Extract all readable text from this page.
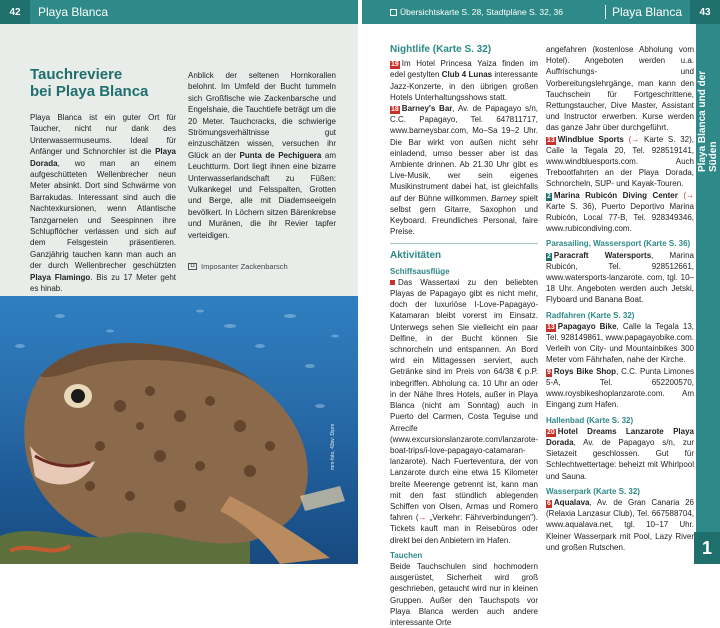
42	Playa Blanca
Tauchreviere
bei Playa Blanca

Playa Blanca ist ein guter Ort für Taucher, nicht nur dank des Unterwassermuseums. Ideal für Anfänger und Schnorchler ist die Playa Dorada, wo man an einem aufgeschütteten Wellenbrecher neun Meter absinkt. Dort sind Schwärme von Barrakudas. Interessant sind auch die Nachtexkursionen, wenn Atlantische Tanzgarnelen und Seespinnen ihre Schlupflöcher verlassen und sich auf dem Felsgestein präsentieren. Ganzjährig tauchen kann man auch an der durch Wellenbrecher geschützten Playa Flamingo. Bis zu 17 Meter geht es hinab.

Anblick der seltenen Hornkorallen belohnt. Im Umfeld der Bucht tummeln sich Großfische wie Zackenbarsche und Engelshaie, die Tauchtiefe beträgt um die 20 Meter. Tauchcracks, die schwierige Strömungsverhältnisse gut einzuschätzen wissen, versuchen ihr Glück an der Punta de Pechiguera am Leuchtturm. Dort liegt ihnen eine bizarre Unterwasserlandschaft zu Füßen: Vulkankegel und Felsspalten, Grotten und Berge, alle mit Diademseeigeln bevölkert. In Löchern sitzen Bärenkrebse und Muränen, die ihr Revier tapfer verteidigen.

◘ Imposanter Zackenbarsch
mm-foto, 43sv: Diprs
Übersichtskarte S. 28, Stadtpläne S. 32, 36	Playa Blanca	43
Nightlife (Karte S. 32)

19 Im Hotel Princesa Yaiza finden im edel gestylten Club 4 Lunas interessante Jazz-Konzerte, in den übrigen großen Hotels Unterhaltungsshows statt.

18 Barney's Bar, Av. de Papagayo s/n, C.C. Papagayo, Tel. 647811717, www.barneysbar.com, Mo–Sa 19–2 Uhr. Die Bar wirkt von außen nicht sehr einladend, umso besser aber ist das Ambiente drinnen. Ab 21.30 Uhr gibt es Live-Musik, wer sein eigenes Musikinstrument dabei hat, ist gleichfalls auf der Bühne willkommen. Barney spielt selbst gern Gitarre, Saxophon und Keyboard. Freundliches Personal, faire Preise.

Aktivitäten
Schiffsausflüge

Das Wassertaxi zu den beliebten Playas de Papagayo gibt es nicht mehr, doch der luxuriöse I-Love-Papagayo-Katamaran bleibt vorerst im Einsatz. Unterwegs sehen Sie vielleicht ein paar Delfine, in der Bucht können Sie schnorcheln und entspannen. An Bord wird ein Mittagessen serviert, auch Getränke sind im Preis von 64/38 € p.P. inbegriffen. Abholung ca. 10 Uhr an oder in der Nähe Ihres Hotels, außer in Playa Blanca (nicht am Sonntag) auch in Puerto del Carmen, Costa Teguise und Arrecife (www.excursionslanzarote.com/lanzarote-boat-trips/i-love-papagayo-catamaran-lanzarote). Nach Fuerteventura, der von Lanzarote durch eine etwa 15 Kilometer breite Meerenge getrennt ist, kann man mit den fast stündlich ablegenden Schiffen von Olsen, Armas und Romero fahren (→ „Verkehr: Fährverbindungen"). Tickets kauft man in Reisebüros oder direkt bei den Anbietern im Hafen.

Tauchen

Beide Tauchschulen sind hochmodern ausgerüstet, Sicherheit wird groß geschrieben, getaucht wird nur in kleinen Gruppen. Außer den Tauchspots vor Playa Blanca werden auch andere interessante Orte

angefahren (kostenlose Abholung vom Hotel). Angeboten werden u.a. Auffrischungs- und Vorbereitungslehrgänge, man kann den Tauchschein für Fortgeschrittene, Rettungstaucher, Dive Master, Assistant und Instructor erwerben. Kurse werden das ganze Jahr über durchgeführt.

13 Windblue Sports (→ Karte S. 32), Calle la Tegala 20, Tel. 928519141, www.windbluesports.com. Auch Trebootfahrten an der Playa Dorada, Schnorcheln, SUP- und Kayak-Touren.

2 Marina Rubicón Diving Center (→ Karte S. 36), Puerto Deportivo Marina Rubicón, Local 77-B, Tel. 928349346, www.rubicondiving.com.

Parasailing, Wassersport (Karte S. 36)

2 Paracraft Watersports, Marina Rubicón, Tel. 928512661, www.watersports-lanzarote. com, tgl. 10–18 Uhr. Angeboten werden auch Jetski, Flyboard und Banana Boat.

Radfahren (Karte S. 32)

13 Papagayo Bike, Calle la Tegala 13, Tel. 928149861, www.papagayobike.com. Verleih von City- und Mountainbikes 300 Meter vom Fährhafen, nahe der Kirche.

9 Roys Bike Shop, C.C. Punta Limones 5-A, Tel. 652200570, www.roysbikeshoplanzarote.com. Am Eingang zum Hafen.

Hallenbad (Karte S. 32)

20 Hotel Dreams Lanzarote Playa Dorada, Av. de Papagayo s/n, zur Sietazeit geschlossen. Gut für Schlechtwettertage: beheizt mit Whirlpool und Sauna.

Wasserpark (Karte S. 32)

6 Aqualava, Av. de Gran Canaria 26 (Relaxia Lanzasur Club), Tel. 667588704, www.aqualava.net, tgl. 10–17 Uhr. Kleiner Wasserpark mit Pool, Lazy River und großen Rutschen.

Playa Blanca und der Süden
1
